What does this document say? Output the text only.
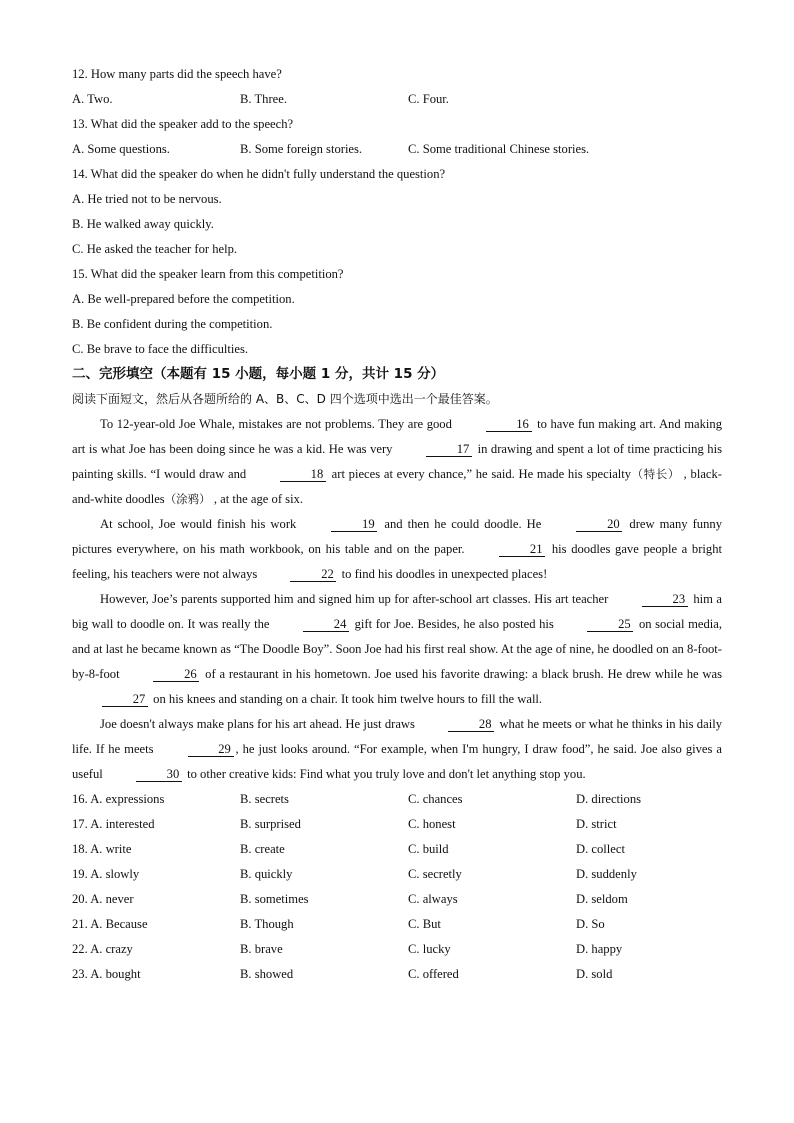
12. How many parts did the speech have?
A. Two.	B. Three.	C. Four.
13. What did the speaker add to the speech?
A. Some questions.	B. Some foreign stories.	C. Some traditional Chinese stories.
14. What did the speaker do when he didn't fully understand the question?
A. He tried not to be nervous.
B. He walked away quickly.
C. He asked the teacher for help.
15. What did the speaker learn from this competition?
A. Be well-prepared before the competition.
B. Be confident during the competition.
C. Be brave to face the difficulties.
二、完形填空（本题有 15 小题，每小题 1 分，共计 15 分）
阅读下面短文，然后从各题所给的 A、B、C、D 四个选项中选出一个最佳答案。
To 12-year-old Joe Whale, mistakes are not problems. They are good	16 to have fun making art. And making art is what Joe has been doing since he was a kid. He was very	17 in drawing and spent a lot of time practicing his painting skills. “I would draw and	18 art pieces at every chance,” he said. He made his specialty（特长） , black-and-white doodles（涂鸦） , at the age of six.
At school, Joe would finish his work	19 and then he could doodle. He	20 drew many funny pictures everywhere, on his math workbook, on his table and on the paper.	21 his doodles gave people a bright feeling, his teachers were not always	22 to find his doodles in unexpected places!
However, Joe’s parents supported him and signed him up for after-school art classes. His art teacher	23 him a big wall to doodle on. It was really the	24 gift for Joe. Besides, he also posted his	25 on social media, and at last he became known as “The Doodle Boy”. Soon Joe had his first real show. At the age of nine, he doodled on an 8-foot-by-8-foot	26 of a restaurant in his hometown. Joe used his favorite drawing: a black brush. He drew while he was 27 on his knees and standing on a chair. It took him twelve hours to fill the wall.
Joe doesn't always make plans for his art ahead. He just draws	28 what he meets or what he thinks in his daily life. If he meets	29 , he just looks around. “For example, when I'm hungry, I draw food”, he said. Joe also gives a useful	30 to other creative kids: Find what you truly love and don't let anything stop you.
16. A. expressions	B. secrets	C. chances	D. directions
17. A. interested	B. surprised	C. honest	D. strict
18. A. write	B. create	C. build	D. collect
19. A. slowly	B. quickly	C. secretly	D. suddenly
20. A. never	B. sometimes	C. always	D. seldom
21. A. Because	B. Though	C. But	D. So
22. A. crazy	B. brave	C. lucky	D. happy
23. A. bought	B. showed	C. offered	D. sold
